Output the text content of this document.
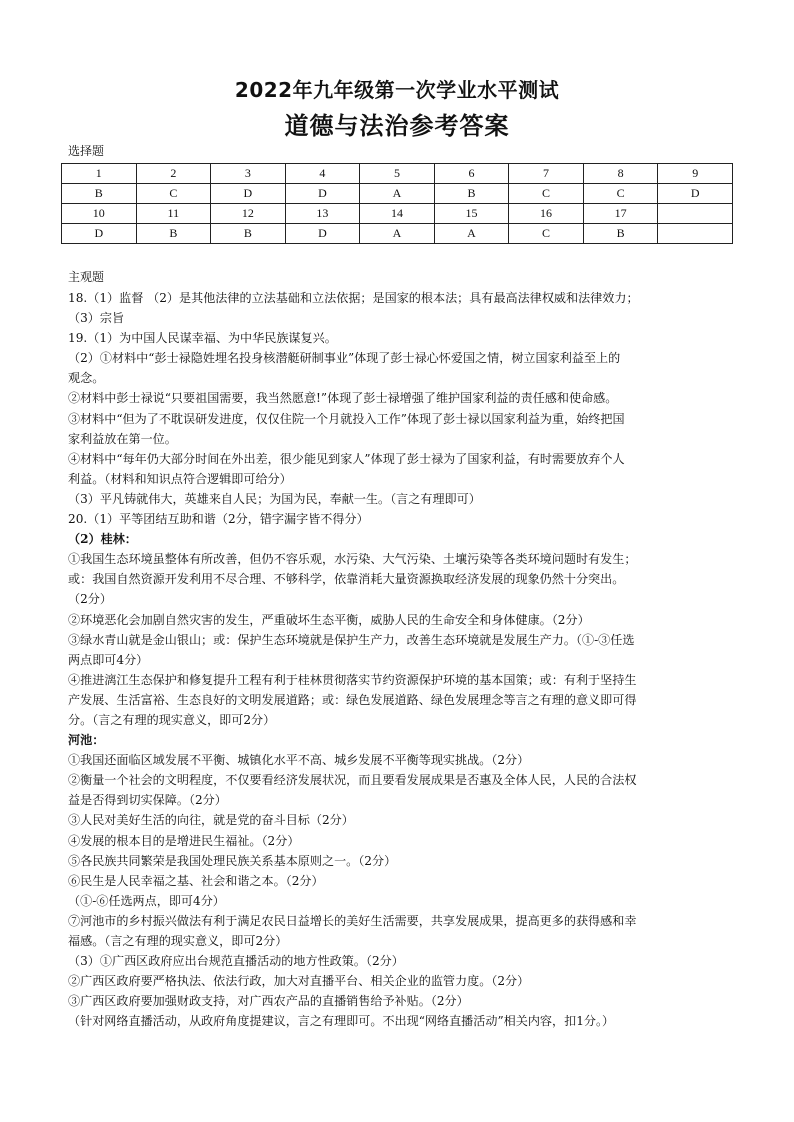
2022年九年级第一次学业水平测试
道德与法治参考答案
选择题
1	2	3	4	5	6	7	8	9
B	C	D	D	A	B	C	C	D
10	11	12	13	14	15	16	17	
D	B	B	D	A	A	C	B	
主观题
18.（1）监督 （2）是其他法律的立法基础和立法依据；是国家的根本法；具有最高法律权威和法律效力；
（3）宗旨
19.（1）为中国人民谋幸福、为中华民族谋复兴。
（2）①材料中“彭士禄隐姓埋名投身核潜艇研制事业”体现了彭士禄心怀爱国之情，树立国家利益至上的
观念。
②材料中彭士禄说“只要祖国需要，我当然愿意!”体现了彭士禄增强了维护国家利益的责任感和使命感。
③材料中“但为了不耽误研发进度，仅仅住院一个月就投入工作”体现了彭士禄以国家利益为重，始终把国
家利益放在第一位。
④材料中“每年仍大部分时间在外出差，很少能见到家人”体现了彭士禄为了国家利益，有时需要放弃个人
利益。（材料和知识点符合逻辑即可给分）
（3）平凡铸就伟大，英雄来自人民；为国为民，奉献一生。（言之有理即可）
20.（1）平等团结互助和谐（2分，错字漏字皆不得分）
（2）桂林：
①我国生态环境虽整体有所改善，但仍不容乐观，水污染、大气污染、土壤污染等各类环境问题时有发生；
或：我国自然资源开发利用不尽合理、不够科学，依靠消耗大量资源换取经济发展的现象仍然十分突出。
（2分）
②环境恶化会加剧自然灾害的发生，严重破坏生态平衡，威胁人民的生命安全和身体健康。（2分）
③绿水青山就是金山银山；或：保护生态环境就是保护生产力，改善生态环境就是发展生产力。（①-③任选
两点即可4分）
④推进漓江生态保护和修复提升工程有利于桂林贯彻落实节约资源保护环境的基本国策；或：有利于坚持生
产发展、生活富裕、生态良好的文明发展道路；或：绿色发展道路、绿色发展理念等言之有理的意义即可得
分。（言之有理的现实意义，即可2分）
河池：
①我国还面临区域发展不平衡、城镇化水平不高、城乡发展不平衡等现实挑战。（2分）
②衡量一个社会的文明程度，不仅要看经济发展状况，而且要看发展成果是否惠及全体人民，人民的合法权
益是否得到切实保障。（2分）
③人民对美好生活的向往，就是党的奋斗目标（2分）
④发展的根本目的是增进民生福祉。（2分）
⑤各民族共同繁荣是我国处理民族关系基本原则之一。（2分）
⑥民生是人民幸福之基、社会和谐之本。（2分）
（①-⑥任选两点，即可4分）
⑦河池市的乡村振兴做法有利于满足农民日益增长的美好生活需要，共享发展成果，提高更多的获得感和幸
福感。（言之有理的现实意义，即可2分）
（3）①广西区政府应出台规范直播活动的地方性政策。（2分）
②广西区政府要严格执法、依法行政，加大对直播平台、相关企业的监管力度。（2分）
③广西区政府要加强财政支持，对广西农产品的直播销售给予补贴。（2分）
（针对网络直播活动，从政府角度提建议，言之有理即可。不出现“网络直播活动”相关内容，扣1分。）
